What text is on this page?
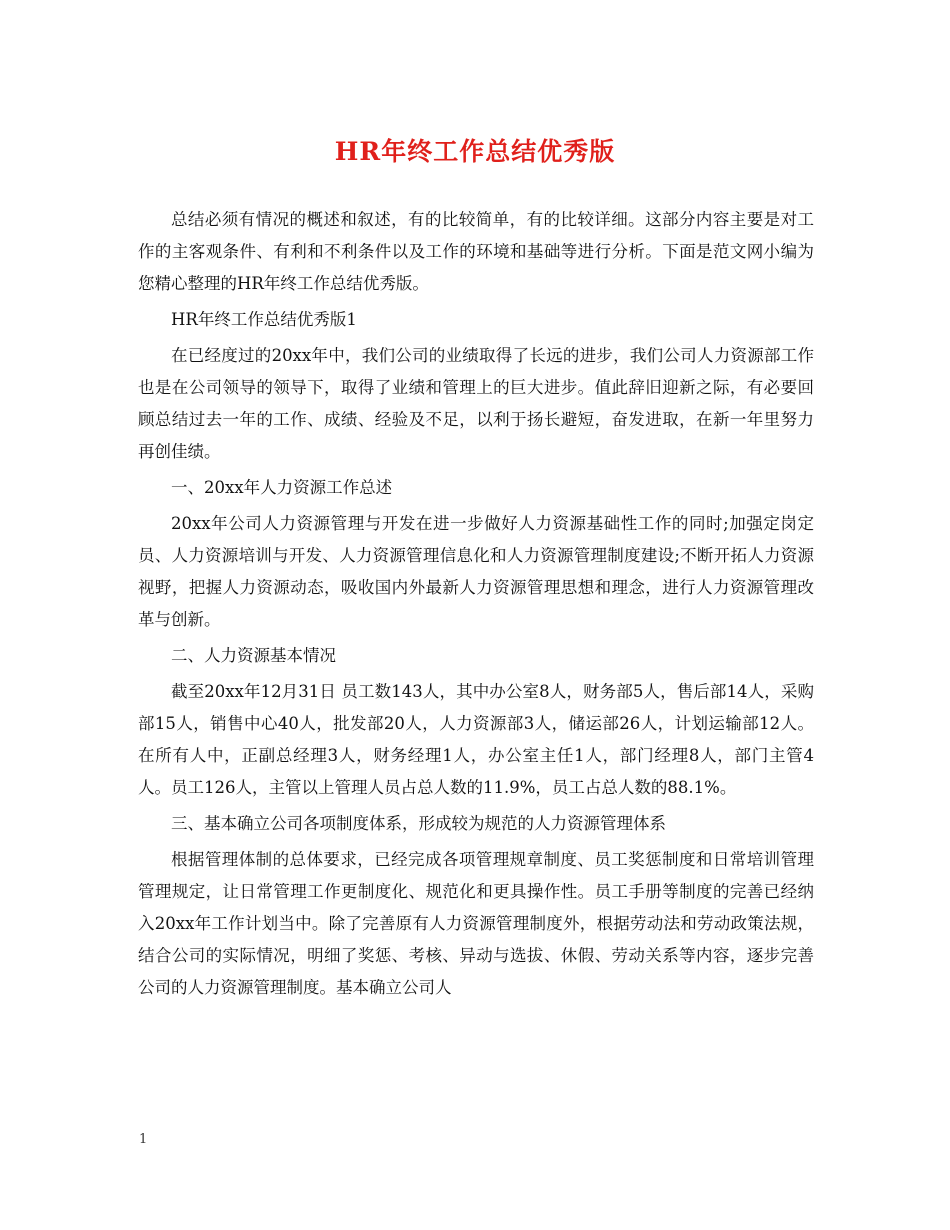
HR年终工作总结优秀版

总结必须有情况的概述和叙述，有的比较简单，有的比较详细。这部分内容主要是对工作的主客观条件、有利和不利条件以及工作的环境和基础等进行分析。下面是范文网小编为您精心整理的HR年终工作总结优秀版。

HR年终工作总结优秀版1

在已经度过的20xx年中，我们公司的业绩取得了长远的进步，我们公司人力资源部工作也是在公司领导的领导下，取得了业绩和管理上的巨大进步。值此辞旧迎新之际，有必要回顾总结过去一年的工作、成绩、经验及不足，以利于扬长避短，奋发进取，在新一年里努力再创佳绩。

一、20xx年人力资源工作总述

20xx年公司人力资源管理与开发在进一步做好人力资源基础性工作的同时;加强定岗定员、人力资源培训与开发、人力资源管理信息化和人力资源管理制度建设;不断开拓人力资源视野，把握人力资源动态，吸收国内外最新人力资源管理思想和理念，进行人力资源管理改革与创新。

二、人力资源基本情况

截至20xx年12月31日 员工数143人，其中办公室8人，财务部5人，售后部14人，采购部15人，销售中心40人，批发部20人，人力资源部3人，储运部26人，计划运输部12人。在所有人中，正副总经理3人，财务经理1人，办公室主任1人，部门经理8人，部门主管4人。员工126人，主管以上管理人员占总人数的11.9%，员工占总人数的88.1%。

三、基本确立公司各项制度体系，形成较为规范的人力资源管理体系

根据管理体制的总体要求，已经完成各项管理规章制度、员工奖惩制度和日常培训管理管理规定，让日常管理工作更制度化、规范化和更具操作性。员工手册等制度的完善已经纳入20xx年工作计划当中。除了完善原有人力资源管理制度外，根据劳动法和劳动政策法规，结合公司的实际情况，明细了奖惩、考核、异动与选拔、休假、劳动关系等内容，逐步完善公司的人力资源管理制度。基本确立公司人

1
